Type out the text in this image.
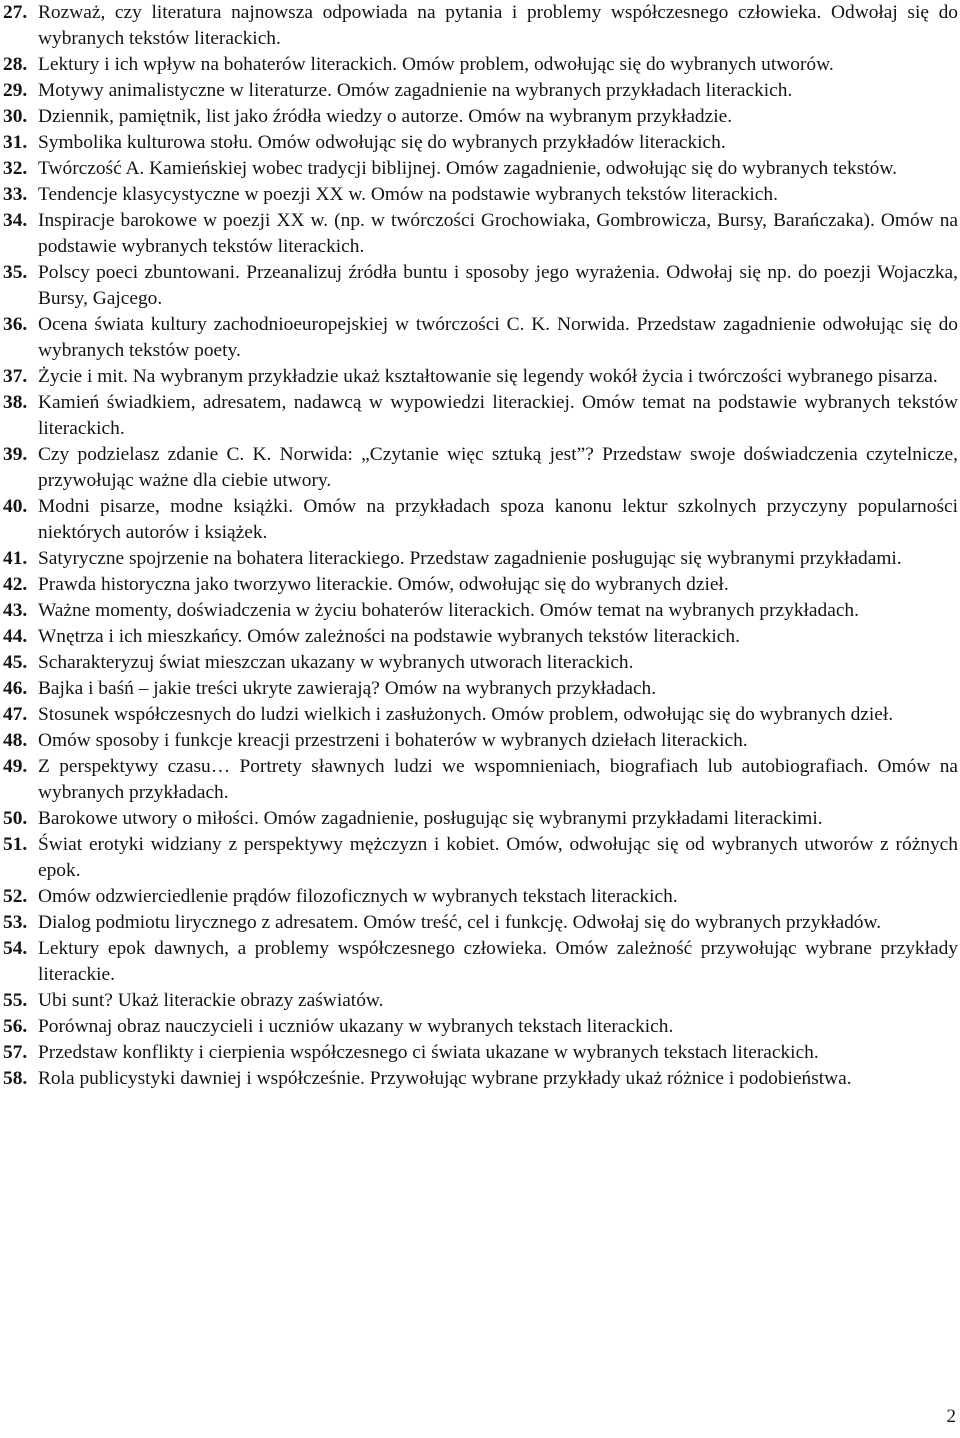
27. Rozważ, czy literatura najnowsza odpowiada na pytania i problemy współczesnego człowieka. Odwołaj się do wybranych tekstów literackich.
28. Lektury i ich wpływ na bohaterów literackich. Omów problem, odwołując się do wybranych utworów.
29. Motywy animalistyczne w literaturze. Omów zagadnienie na wybranych przykładach literackich.
30. Dziennik, pamiętnik, list jako źródła wiedzy o autorze. Omów na wybranym przykładzie.
31. Symbolika kulturowa stołu. Omów odwołując się do wybranych przykładów literackich.
32. Twórczość A. Kamieńskiej wobec tradycji biblijnej. Omów zagadnienie, odwołując się do wybranych tekstów.
33. Tendencje klasycystyczne w poezji XX w. Omów na podstawie wybranych tekstów literackich.
34. Inspiracje barokowe w poezji XX w. (np. w twórczości Grochowiaka, Gombrowicza, Bursy, Barańczaka). Omów na podstawie wybranych tekstów literackich.
35. Polscy poeci zbuntowani. Przeanalizuj źródła buntu i sposoby jego wyrażenia. Odwołaj się np. do poezji Wojaczka, Bursy, Gajcego.
36. Ocena świata kultury zachodnioeuropejskiej w twórczości C. K. Norwida. Przedstaw zagadnienie odwołując się do wybranych tekstów poety.
37. Życie i mit. Na wybranym przykładzie ukaż kształtowanie się legendy wokół życia i twórczości wybranego pisarza.
38. Kamień świadkiem, adresatem, nadawcą w wypowiedzi literackiej. Omów temat na podstawie wybranych tekstów literackich.
39. Czy podzielasz zdanie C. K. Norwida: „Czytanie więc sztuką jest”? Przedstaw swoje doświadczenia czytelnicze, przywołując ważne dla ciebie utwory.
40. Modni pisarze, modne książki. Omów na przykładach spoza kanonu lektur szkolnych przyczyny popularności niektórych autorów i książek.
41. Satyryczne spojrzenie na bohatera literackiego. Przedstaw zagadnienie posługując się wybranymi przykładami.
42. Prawda historyczna jako tworzywo literackie. Omów, odwołując się do wybranych dzieł.
43. Ważne momenty, doświadczenia w życiu bohaterów literackich. Omów temat na wybranych przykładach.
44. Wnętrza i ich mieszkańcy. Omów zależności na podstawie wybranych tekstów literackich.
45. Scharakteryzuj świat mieszczan ukazany w wybranych utworach literackich.
46. Bajka i baśń – jakie treści ukryte zawierają? Omów na wybranych przykładach.
47. Stosunek współczesnych do ludzi wielkich i zasłużonych. Omów problem, odwołując się do wybranych dzieł.
48. Omów sposoby i funkcje kreacji przestrzeni i bohaterów w wybranych dziełach literackich.
49. Z perspektywy czasu… Portrety sławnych ludzi we wspomnieniach, biografiach lub autobiografiach. Omów na wybranych przykładach.
50. Barokowe utwory o miłości. Omów zagadnienie, posługując się wybranymi przykładami literackimi.
51. Świat erotyki widziany z perspektywy mężczyzn i kobiet. Omów, odwołując się od wybranych utworów z różnych epok.
52. Omów odzwierciedlenie prądów filozoficznych w wybranych tekstach literackich.
53. Dialog podmiotu lirycznego z adresatem. Omów treść, cel i funkcję. Odwołaj się do wybranych przykładów.
54. Lektury epok dawnych, a problemy współczesnego człowieka. Omów zależność przywołując wybrane przykłady literackie.
55. Ubi sunt? Ukaż literackie obrazy zaświatów.
56. Porównaj obraz nauczycieli i uczniów ukazany w wybranych tekstach literackich.
57. Przedstaw konflikty i cierpienia współczesnego ci świata ukazane w wybranych tekstach literackich.
58. Rola publicystyki dawniej i współcześnie. Przywołując wybrane przykłady ukaż różnice i podobieństwa.
2
